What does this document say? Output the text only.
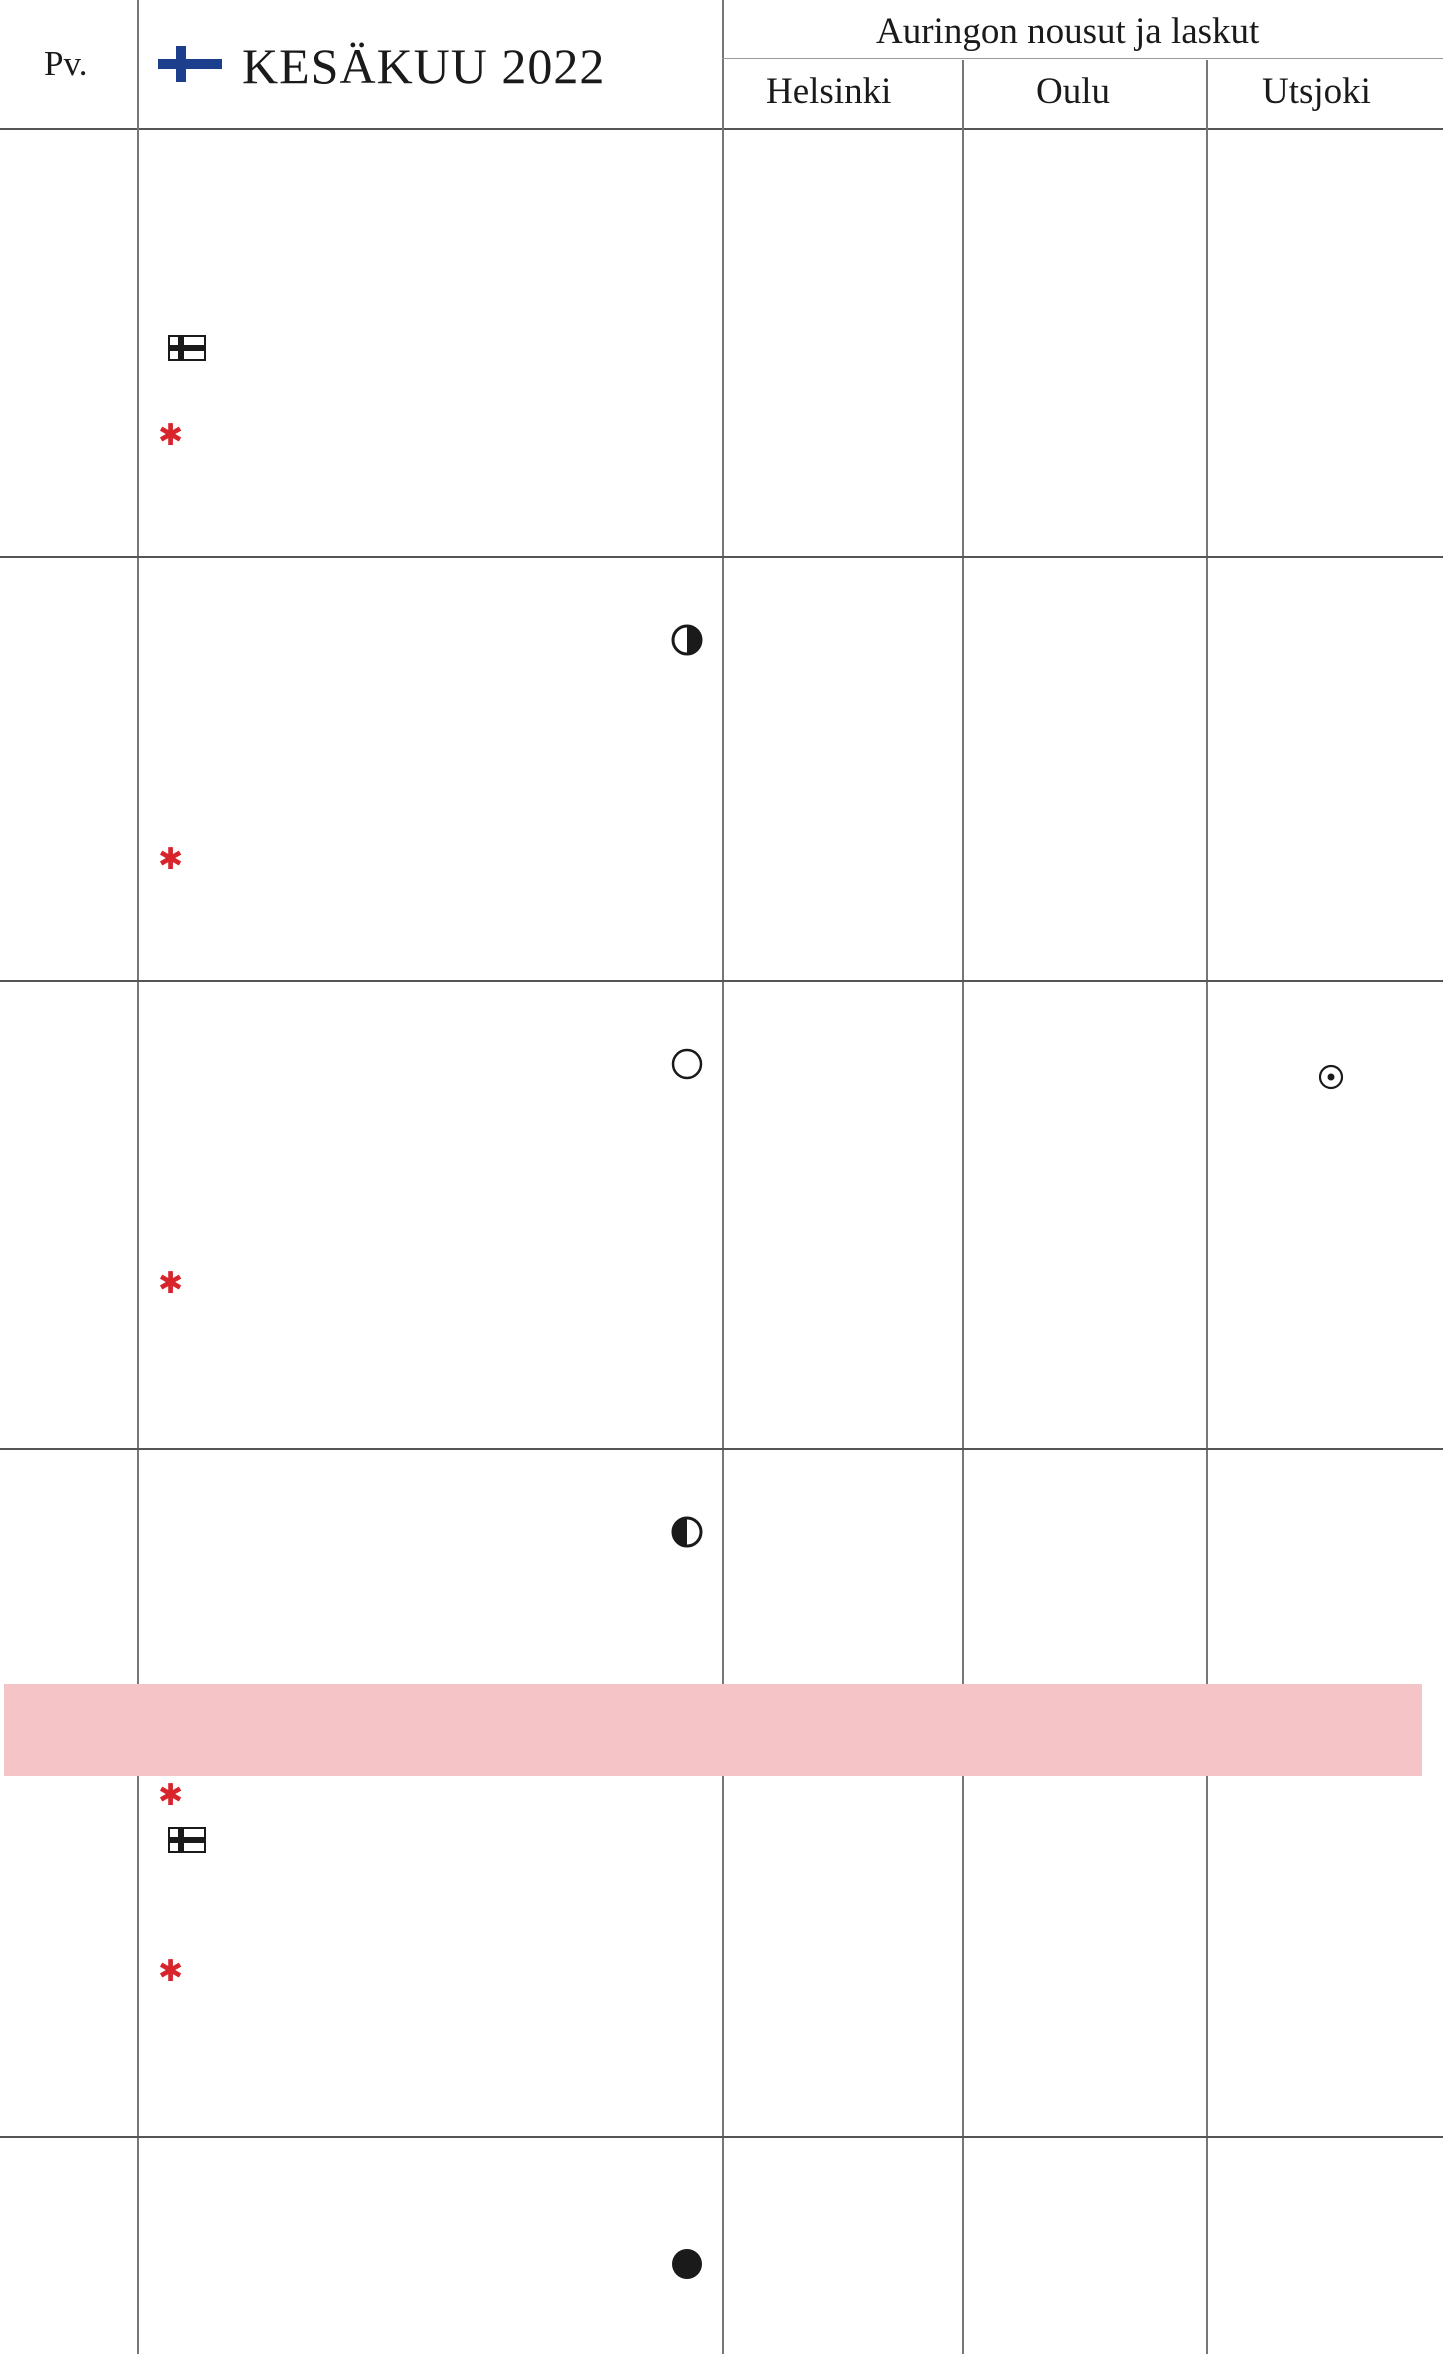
Pv.	KESÄKUU 2022
Auringon nousut ja laskut
Helsinki	Oulu	Utsjoki
✱
✱
✱
✱
✱
